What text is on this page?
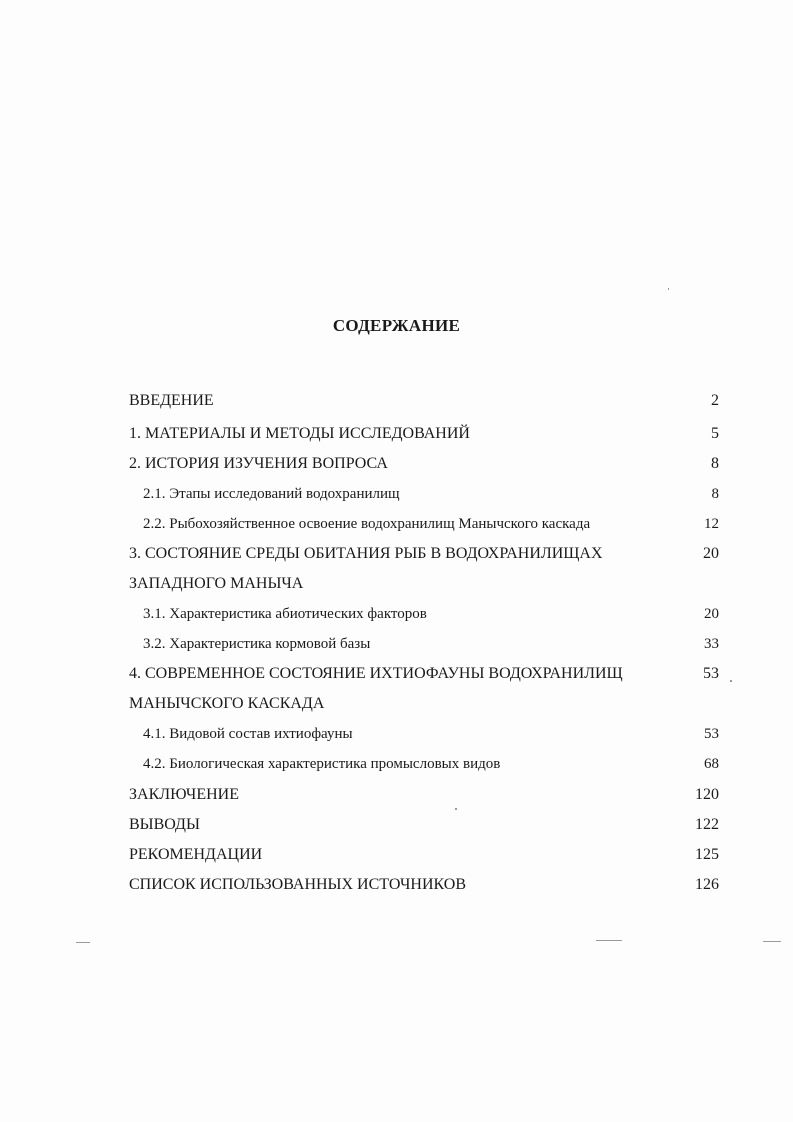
СОДЕРЖАНИЕ
ВВЕДЕНИЕ	2
1. МАТЕРИАЛЫ И МЕТОДЫ ИССЛЕДОВАНИЙ	5
2. ИСТОРИЯ ИЗУЧЕНИЯ ВОПРОСА	8
2.1. Этапы исследований водохранилищ	8
2.2. Рыбохозяйственное освоение водохранилищ Манычского каскада	12
3. СОСТОЯНИЕ СРЕДЫ ОБИТАНИЯ РЫБ В ВОДОХРАНИЛИЩАХ	20
ЗАПАДНОГО МАНЫЧА
3.1. Характеристика абиотических факторов	20
3.2. Характеристика кормовой базы	33
4. СОВРЕМЕННОЕ СОСТОЯНИЕ ИХТИОФАУНЫ ВОДОХРАНИЛИЩ	53
МАНЫЧСКОГО КАСКАДА
4.1. Видовой состав ихтиофауны	53
4.2. Биологическая характеристика промысловых видов	68
ЗАКЛЮЧЕНИЕ	120
ВЫВОДЫ	122
РЕКОМЕНДАЦИИ	125
СПИСОК ИСПОЛЬЗОВАННЫХ ИСТОЧНИКОВ	126
